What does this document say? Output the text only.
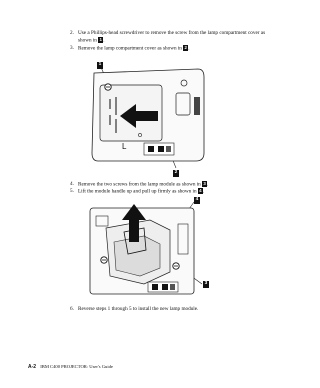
2. Use a Phillips-head screwdriver to remove the screw from the lamp compartment cover as shown in 1.
3. Remove the lamp compartment cover as shown in 2.
L
1
2
4. Remove the two screws from the lamp module as shown in 3.
5. Lift the module handle up and pull up firmly as shown in 4.
4
3
6. Reverse steps 1 through 5 to install the new lamp module.
A-2 IBM C400 PROJECTOR: User's Guide
